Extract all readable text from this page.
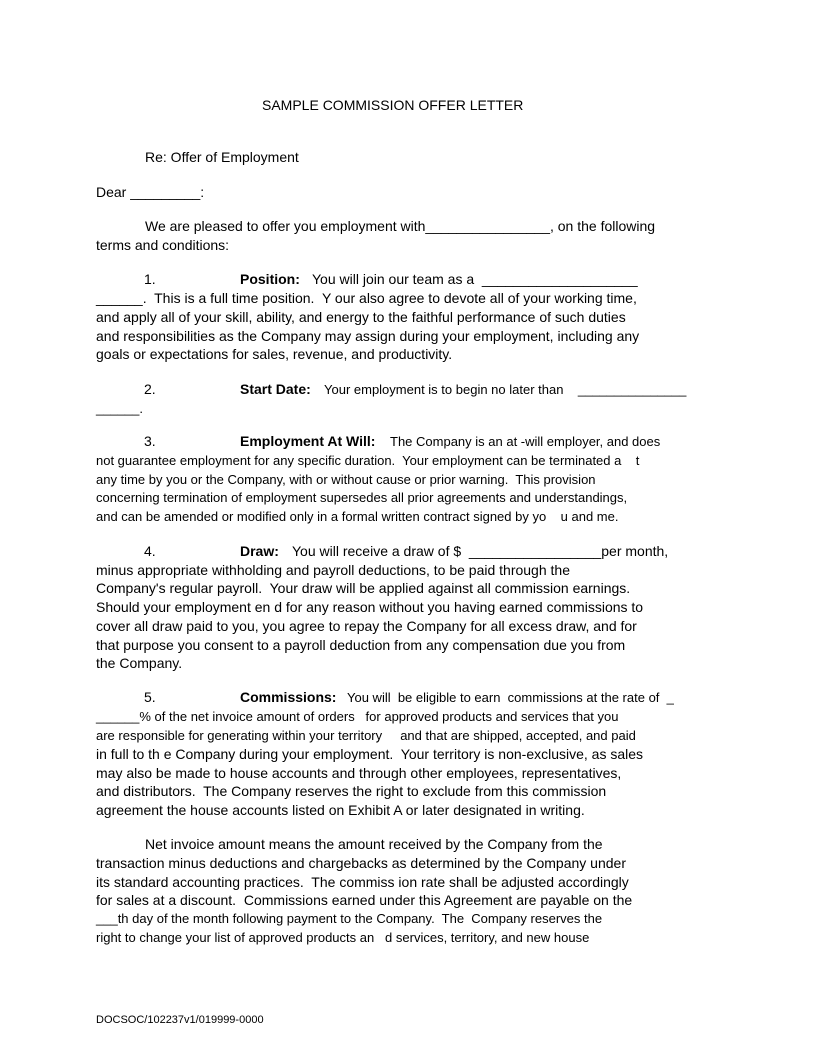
SAMPLE COMMISSION OFFER LETTER
Re: Offer of Employment
Dear _________:
We are pleased to offer you employment with________________, on the following
terms and conditions:
1.	Position: You will join our team as a  ____________________
______.  This is a full time position.  Y our also agree to devote all of your working time,
and apply all of your skill, ability, and energy to the faithful performance of such duties
and responsibilities as the Company may assign during your employment, including any
goals or expectations for sales, revenue, and productivity.
2.	Start Date: Your employment is to begin no later than    _______________
______.
3.	Employment At Will: The Company is an at -will employer, and does
not guarantee employment for any specific duration.  Your employment can be terminated a    t
any time by you or the Company, with or without cause or prior warning.  This provision
concerning termination of employment supersedes all prior agreements and understandings,
and can be amended or modified only in a formal written contract signed by yo    u and me.
4.	Draw: You will receive a draw of $  _________________per month,
minus appropriate withholding and payroll deductions, to be paid through the
Company's regular payroll.  Your draw will be applied against all commission earnings.
Should your employment en d for any reason without you having earned commissions to
cover all draw paid to you, you agree to repay the Company for all excess draw, and for
that purpose you consent to a payroll deduction from any compensation due you from
the Company.
5.	Commissions: You will  be eligible to earn  commissions at the rate of  _
______% of the net invoice amount of orders   for approved products and services that you
are responsible for generating within your territory     and that are shipped, accepted, and paid
in full to th e Company during your employment.  Your territory is non-exclusive, as sales
may also be made to house accounts and through other employees, representatives,
and distributors.  The Company reserves the right to exclude from this commission
agreement the house accounts listed on Exhibit A or later designated in writing.
Net invoice amount means the amount received by the Company from the
transaction minus deductions and chargebacks as determined by the Company under
its standard accounting practices.  The commiss ion rate shall be adjusted accordingly
for sales at a discount.  Commissions earned under this Agreement are payable on the
___th day of the month following payment to the Company.  The  Company reserves the
right to change your list of approved products an   d services, territory, and new house
DOCSOC/102237v1/019999-0000
